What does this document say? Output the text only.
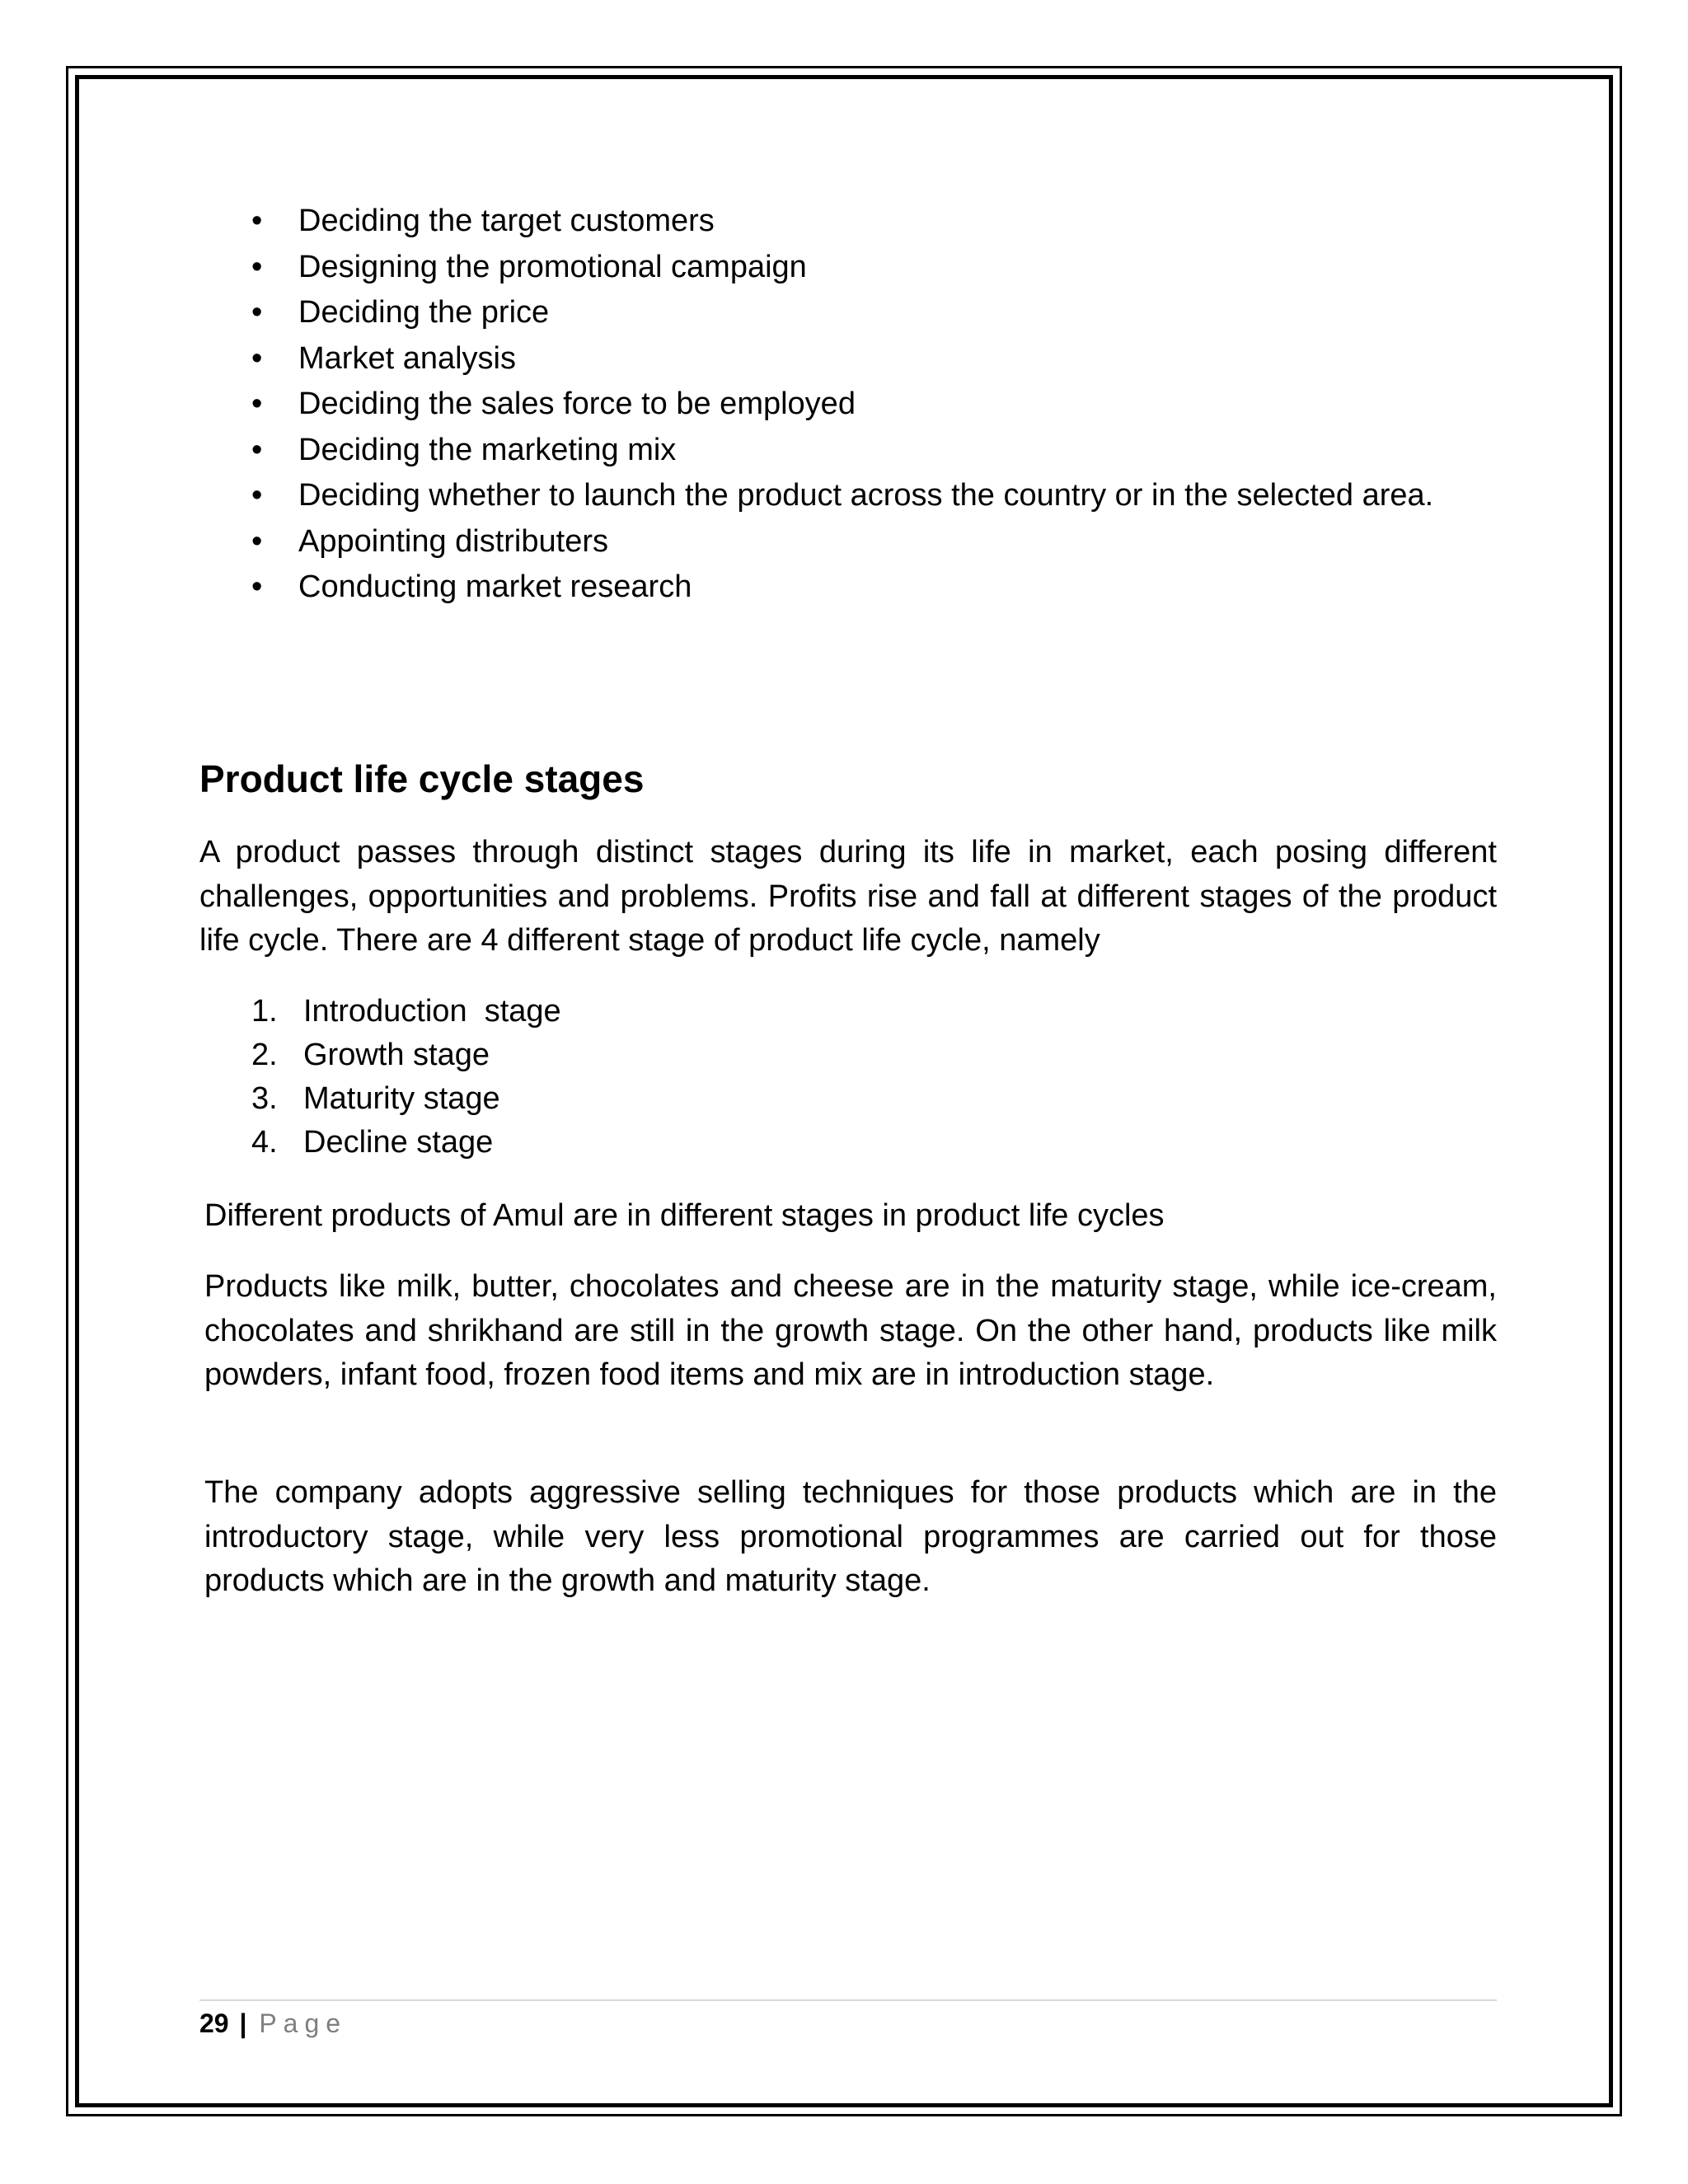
• Deciding the target customers
• Designing the promotional campaign
• Deciding the price
• Market analysis
• Deciding the sales force to be employed
• Deciding the marketing mix
• Deciding whether to launch the product across the country or in the selected area.
• Appointing distributers
• Conducting market research
Product life cycle stages

A product passes through distinct stages during its life in market, each posing different challenges, opportunities and problems. Profits rise and fall at different stages of the product life cycle. There are 4 different stage of product life cycle, namely

1. Introduction  stage
2. Growth stage
3. Maturity stage
4. Decline stage

Different products of Amul are in different stages in product life cycles

Products like milk, butter, chocolates and cheese are in the maturity stage, while ice-cream, chocolates and shrikhand are still in the growth stage. On the other hand, products like milk powders, infant food, frozen food items and mix are in introduction stage.

The company adopts aggressive selling techniques for those products which are in the introductory stage, while very less promotional programmes are carried out for those products which are in the growth and maturity stage.

29 | Page
